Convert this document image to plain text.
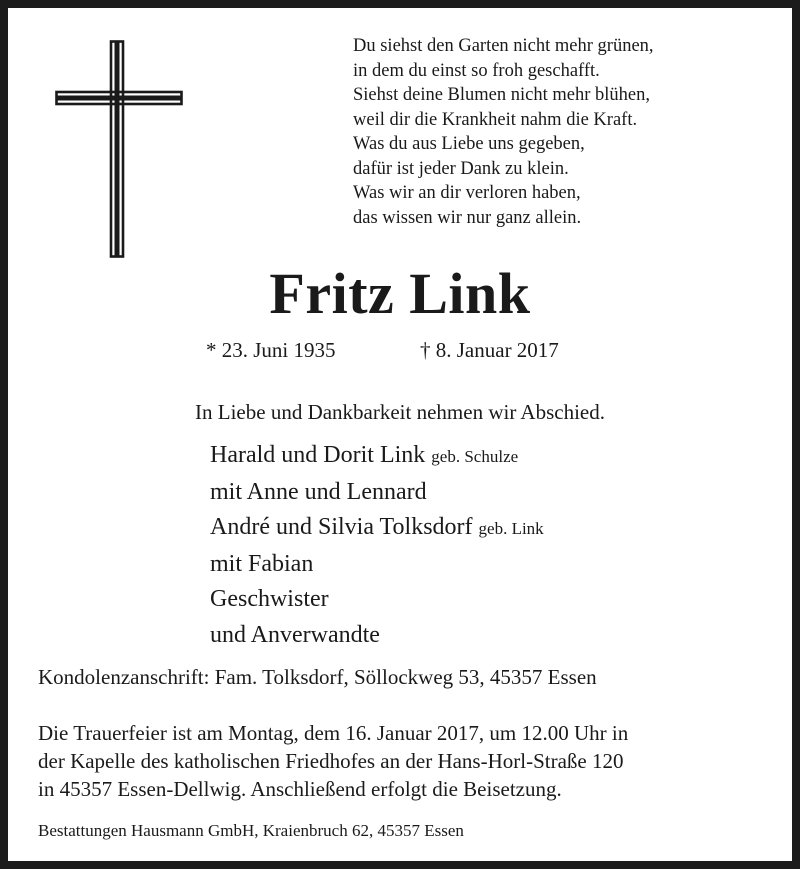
Du siehst den Garten nicht mehr grünen,
in dem du einst so froh geschafft.
Siehst deine Blumen nicht mehr blühen,
weil dir die Krankheit nahm die Kraft.
Was du aus Liebe uns gegeben,
dafür ist jeder Dank zu klein.
Was wir an dir verloren haben,
das wissen wir nur ganz allein.
Fritz Link
* 23. Juni 1935	† 8. Januar 2017
In Liebe und Dankbarkeit nehmen wir Abschied.
Harald und Dorit Link geb. Schulze
mit Anne und Lennard
André und Silvia Tolksdorf geb. Link
mit Fabian
Geschwister
und Anverwandte
Kondolenzanschrift: Fam. Tolksdorf, Söllockweg 53, 45357 Essen
Die Trauerfeier ist am Montag, dem 16. Januar 2017, um 12.00 Uhr in
der Kapelle des katholischen Friedhofes an der Hans-Horl-Straße 120
in 45357 Essen-Dellwig. Anschließend erfolgt die Beisetzung.
Bestattungen Hausmann GmbH, Kraienbruch 62, 45357 Essen
